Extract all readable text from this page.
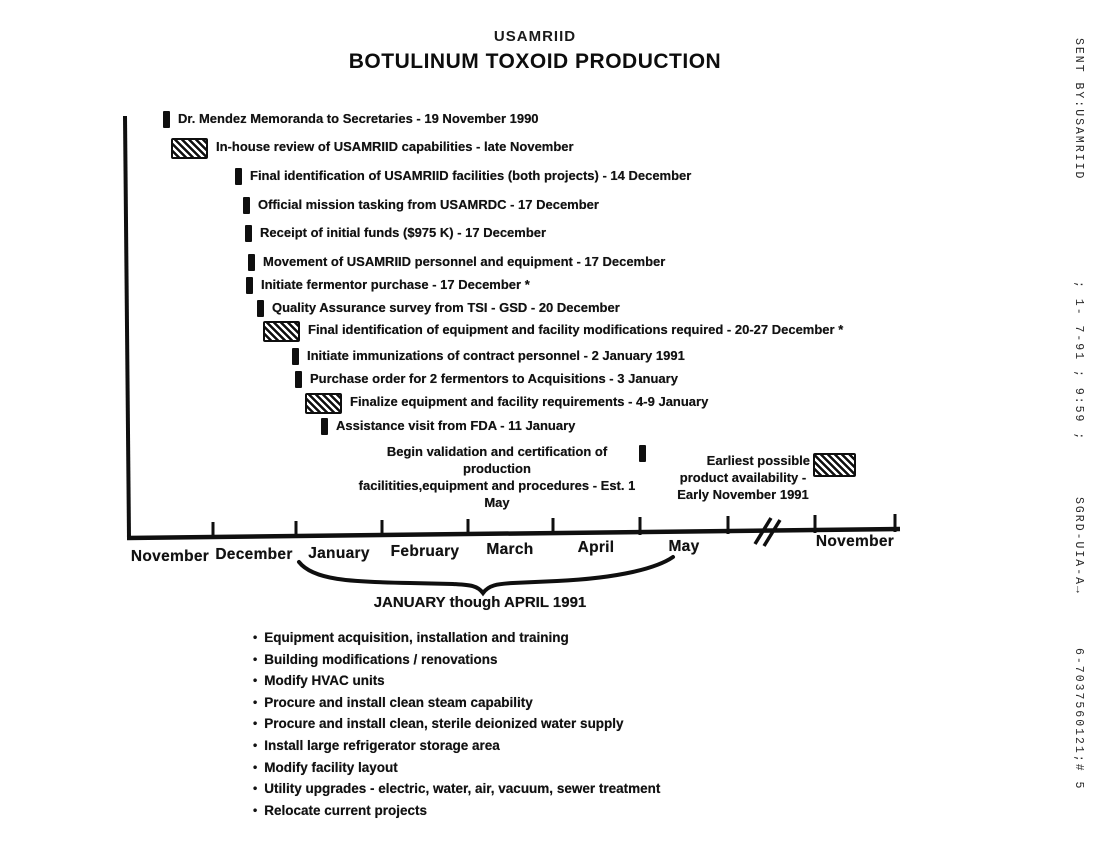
SENT BY:USAMRIID
; 1- 7-91 ; 9:59 ;
SGRD-UIA-A→
6-7037560121;# 5
USAMRIID
BOTULINUM TOXOID PRODUCTION
Dr. Mendez Memoranda to Secretaries - 19 November 1990
In-house review of USAMRIID capabilities - late November
Final identification of USAMRIID facilities (both projects) - 14 December
Official mission tasking from USAMRDC - 17 December
Receipt of initial funds ($975 K) - 17 December
Movement of USAMRIID personnel and equipment - 17 December
Initiate fermentor purchase - 17 December *
Quality Assurance survey from TSI - GSD - 20 December
Final identification of equipment and facility modifications required - 20-27 December *
Initiate immunizations of contract personnel - 2 January 1991
Purchase order for 2 fermentors to Acquisitions - 3 January
Finalize equipment and facility requirements - 4-9 January
Assistance visit from FDA - 11 January
November December	January	February	March	April	May	November
Begin validation and certification of production
facilitities,equipment and procedures - Est. 1 May
Earliest possible
product availability -
Early November 1991
JANUARY though APRIL 1991
• Equipment acquisition, installation and training
• Building modifications / renovations
• Modify HVAC units
• Procure and install clean steam capability
• Procure and install clean, sterile deionized water supply
• Install large refrigerator storage area
• Modify facility layout
• Utility upgrades - electric, water, air, vacuum, sewer treatment
• Relocate current projects
